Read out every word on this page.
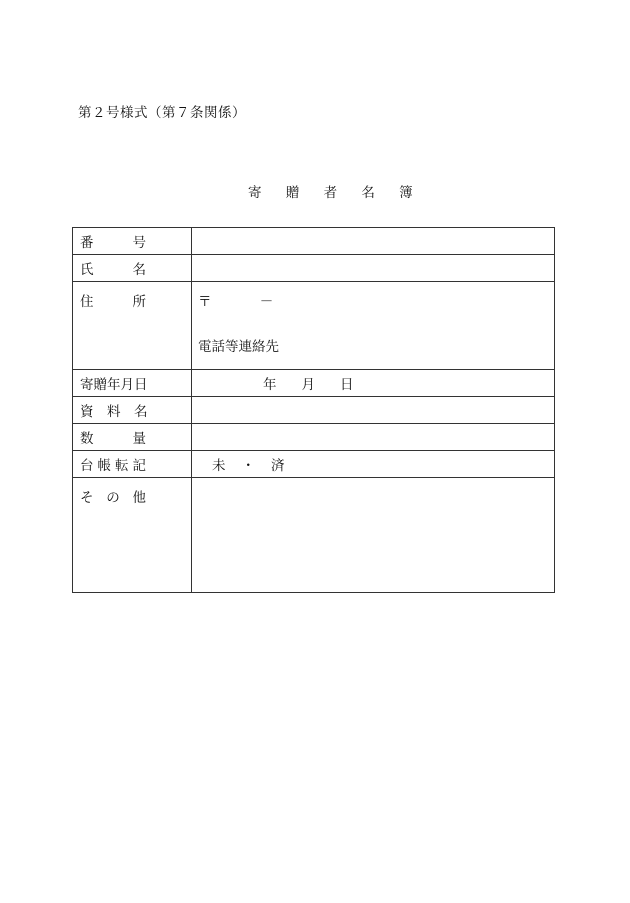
第２号様式（第７条関係）
寄 贈 者 名 簿
番　　号	

氏　　名	

住　　所	〒 －
電話等連絡先

寄贈年月日	年 月 日

資　料　名	

数　　量	

台帳転記	未 ・ 済

そ の 他	
